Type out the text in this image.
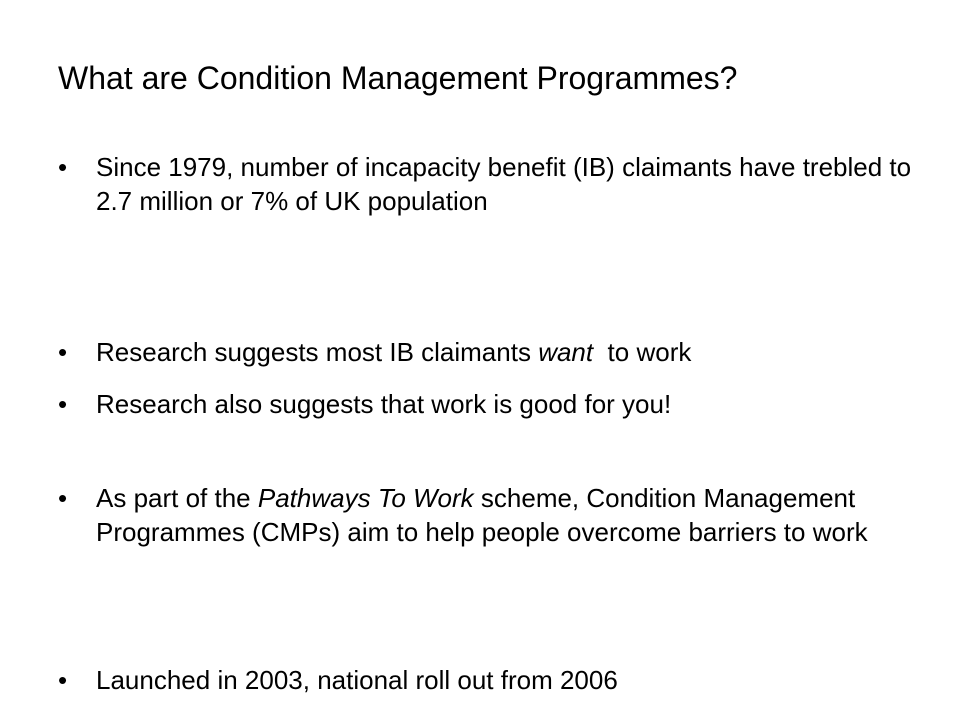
What are Condition Management Programmes?
•	Since 1979, number of incapacity benefit (IB) claimants have trebled to 2.7 million or 7% of UK population
•	Research suggests most IB claimants want  to work
•	Research also suggests that work is good for you!
•	As part of the Pathways To Work scheme, Condition Management Programmes (CMPs) aim to help people overcome barriers to work
•	Launched in 2003, national roll out from 2006
